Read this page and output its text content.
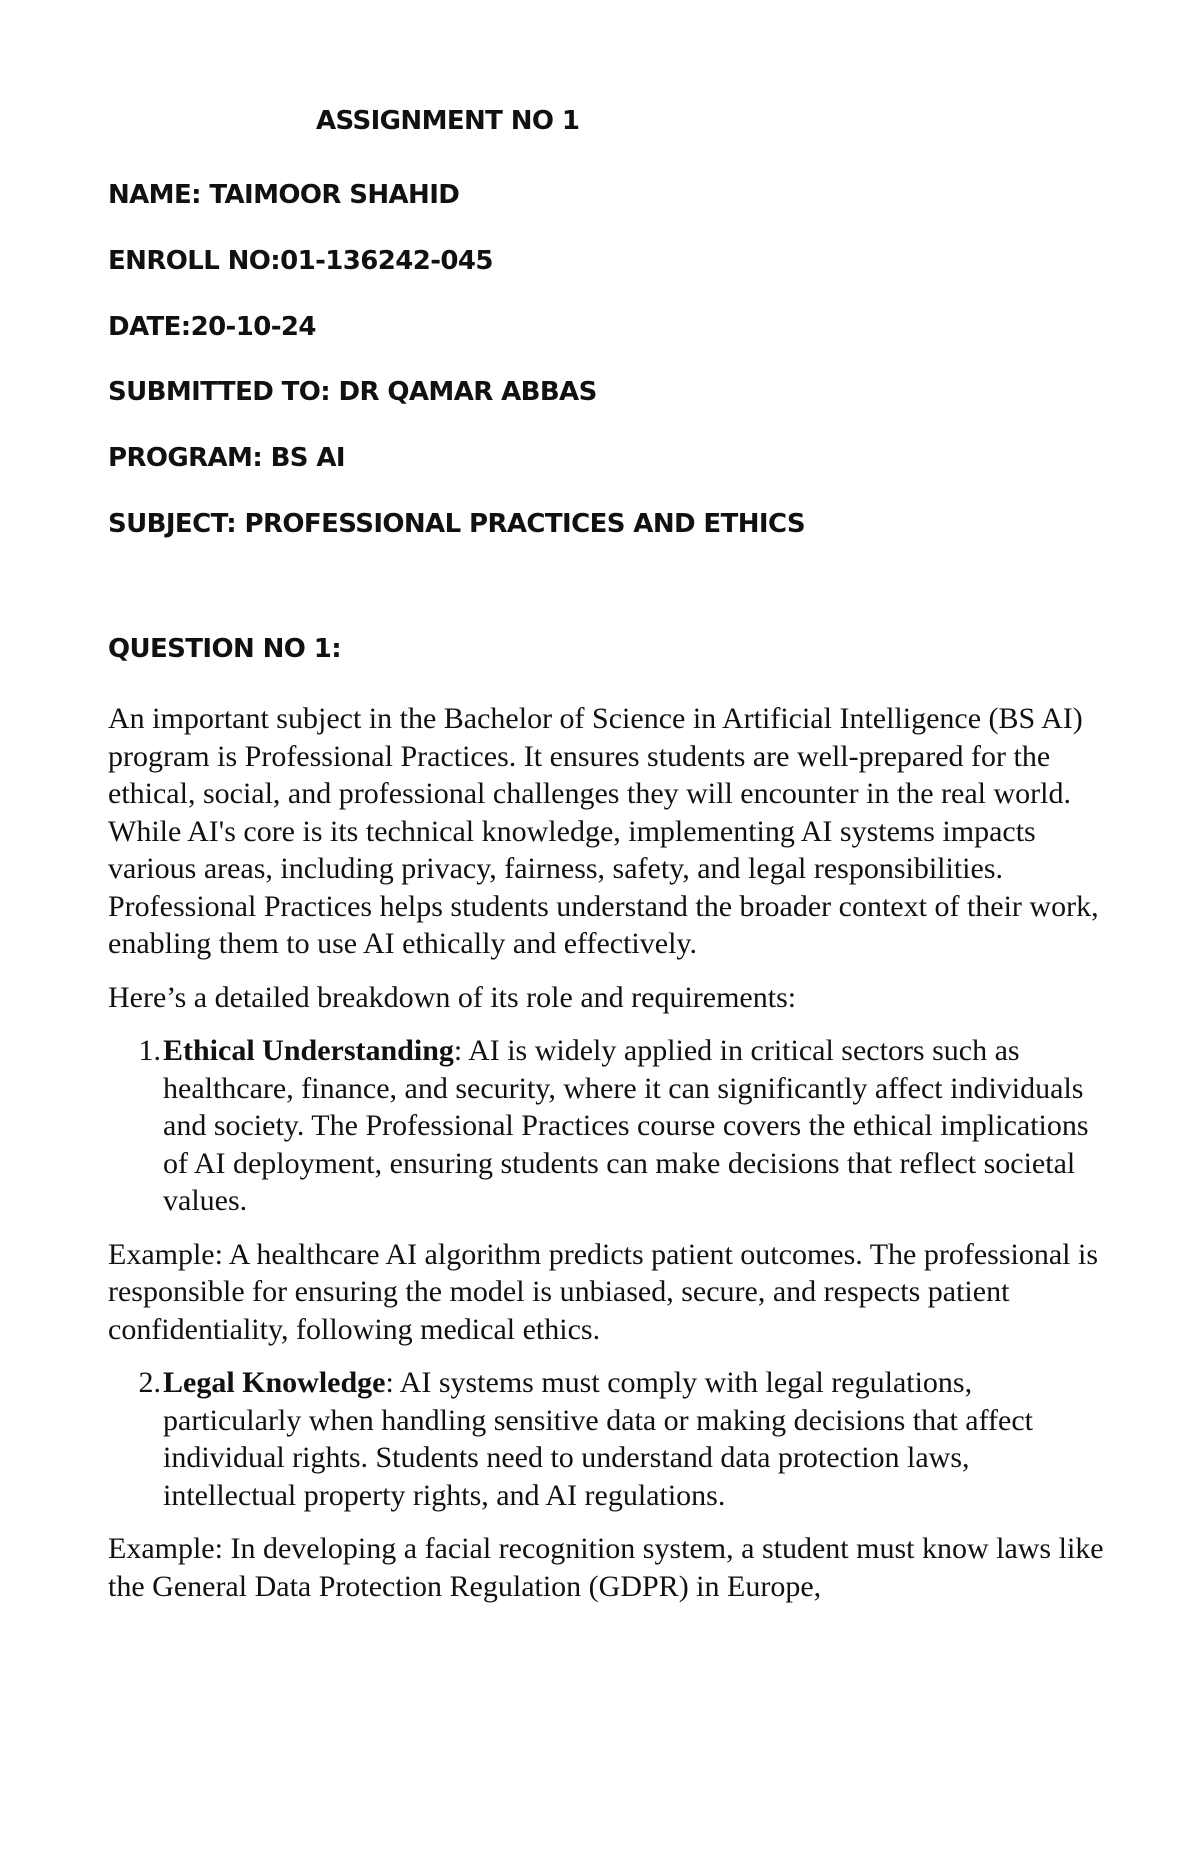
ASSIGNMENT NO 1

NAME: TAIMOOR SHAHID

ENROLL NO:01-136242-045

DATE:20-10-24

SUBMITTED TO: DR QAMAR ABBAS

PROGRAM: BS AI

SUBJECT: PROFESSIONAL PRACTICES AND ETHICS

QUESTION NO 1:

An important subject in the Bachelor of Science in Artificial Intelligence (BS AI) program is Professional Practices. It ensures students are well-prepared for the ethical, social, and professional challenges they will encounter in the real world. While AI's core is its technical knowledge, implementing AI systems impacts various areas, including privacy, fairness, safety, and legal responsibilities. Professional Practices helps students understand the broader context of their work, enabling them to use AI ethically and effectively.

Here’s a detailed breakdown of its role and requirements:

1. Ethical Understanding: AI is widely applied in critical sectors such as healthcare, finance, and security, where it can significantly affect individuals and society. The Professional Practices course covers the ethical implications of AI deployment, ensuring students can make decisions that reflect societal values.

Example: A healthcare AI algorithm predicts patient outcomes. The professional is responsible for ensuring the model is unbiased, secure, and respects patient confidentiality, following medical ethics.

2. Legal Knowledge: AI systems must comply with legal regulations, particularly when handling sensitive data or making decisions that affect individual rights. Students need to understand data protection laws, intellectual property rights, and AI regulations.

Example: In developing a facial recognition system, a student must know laws like the General Data Protection Regulation (GDPR) in Europe,
